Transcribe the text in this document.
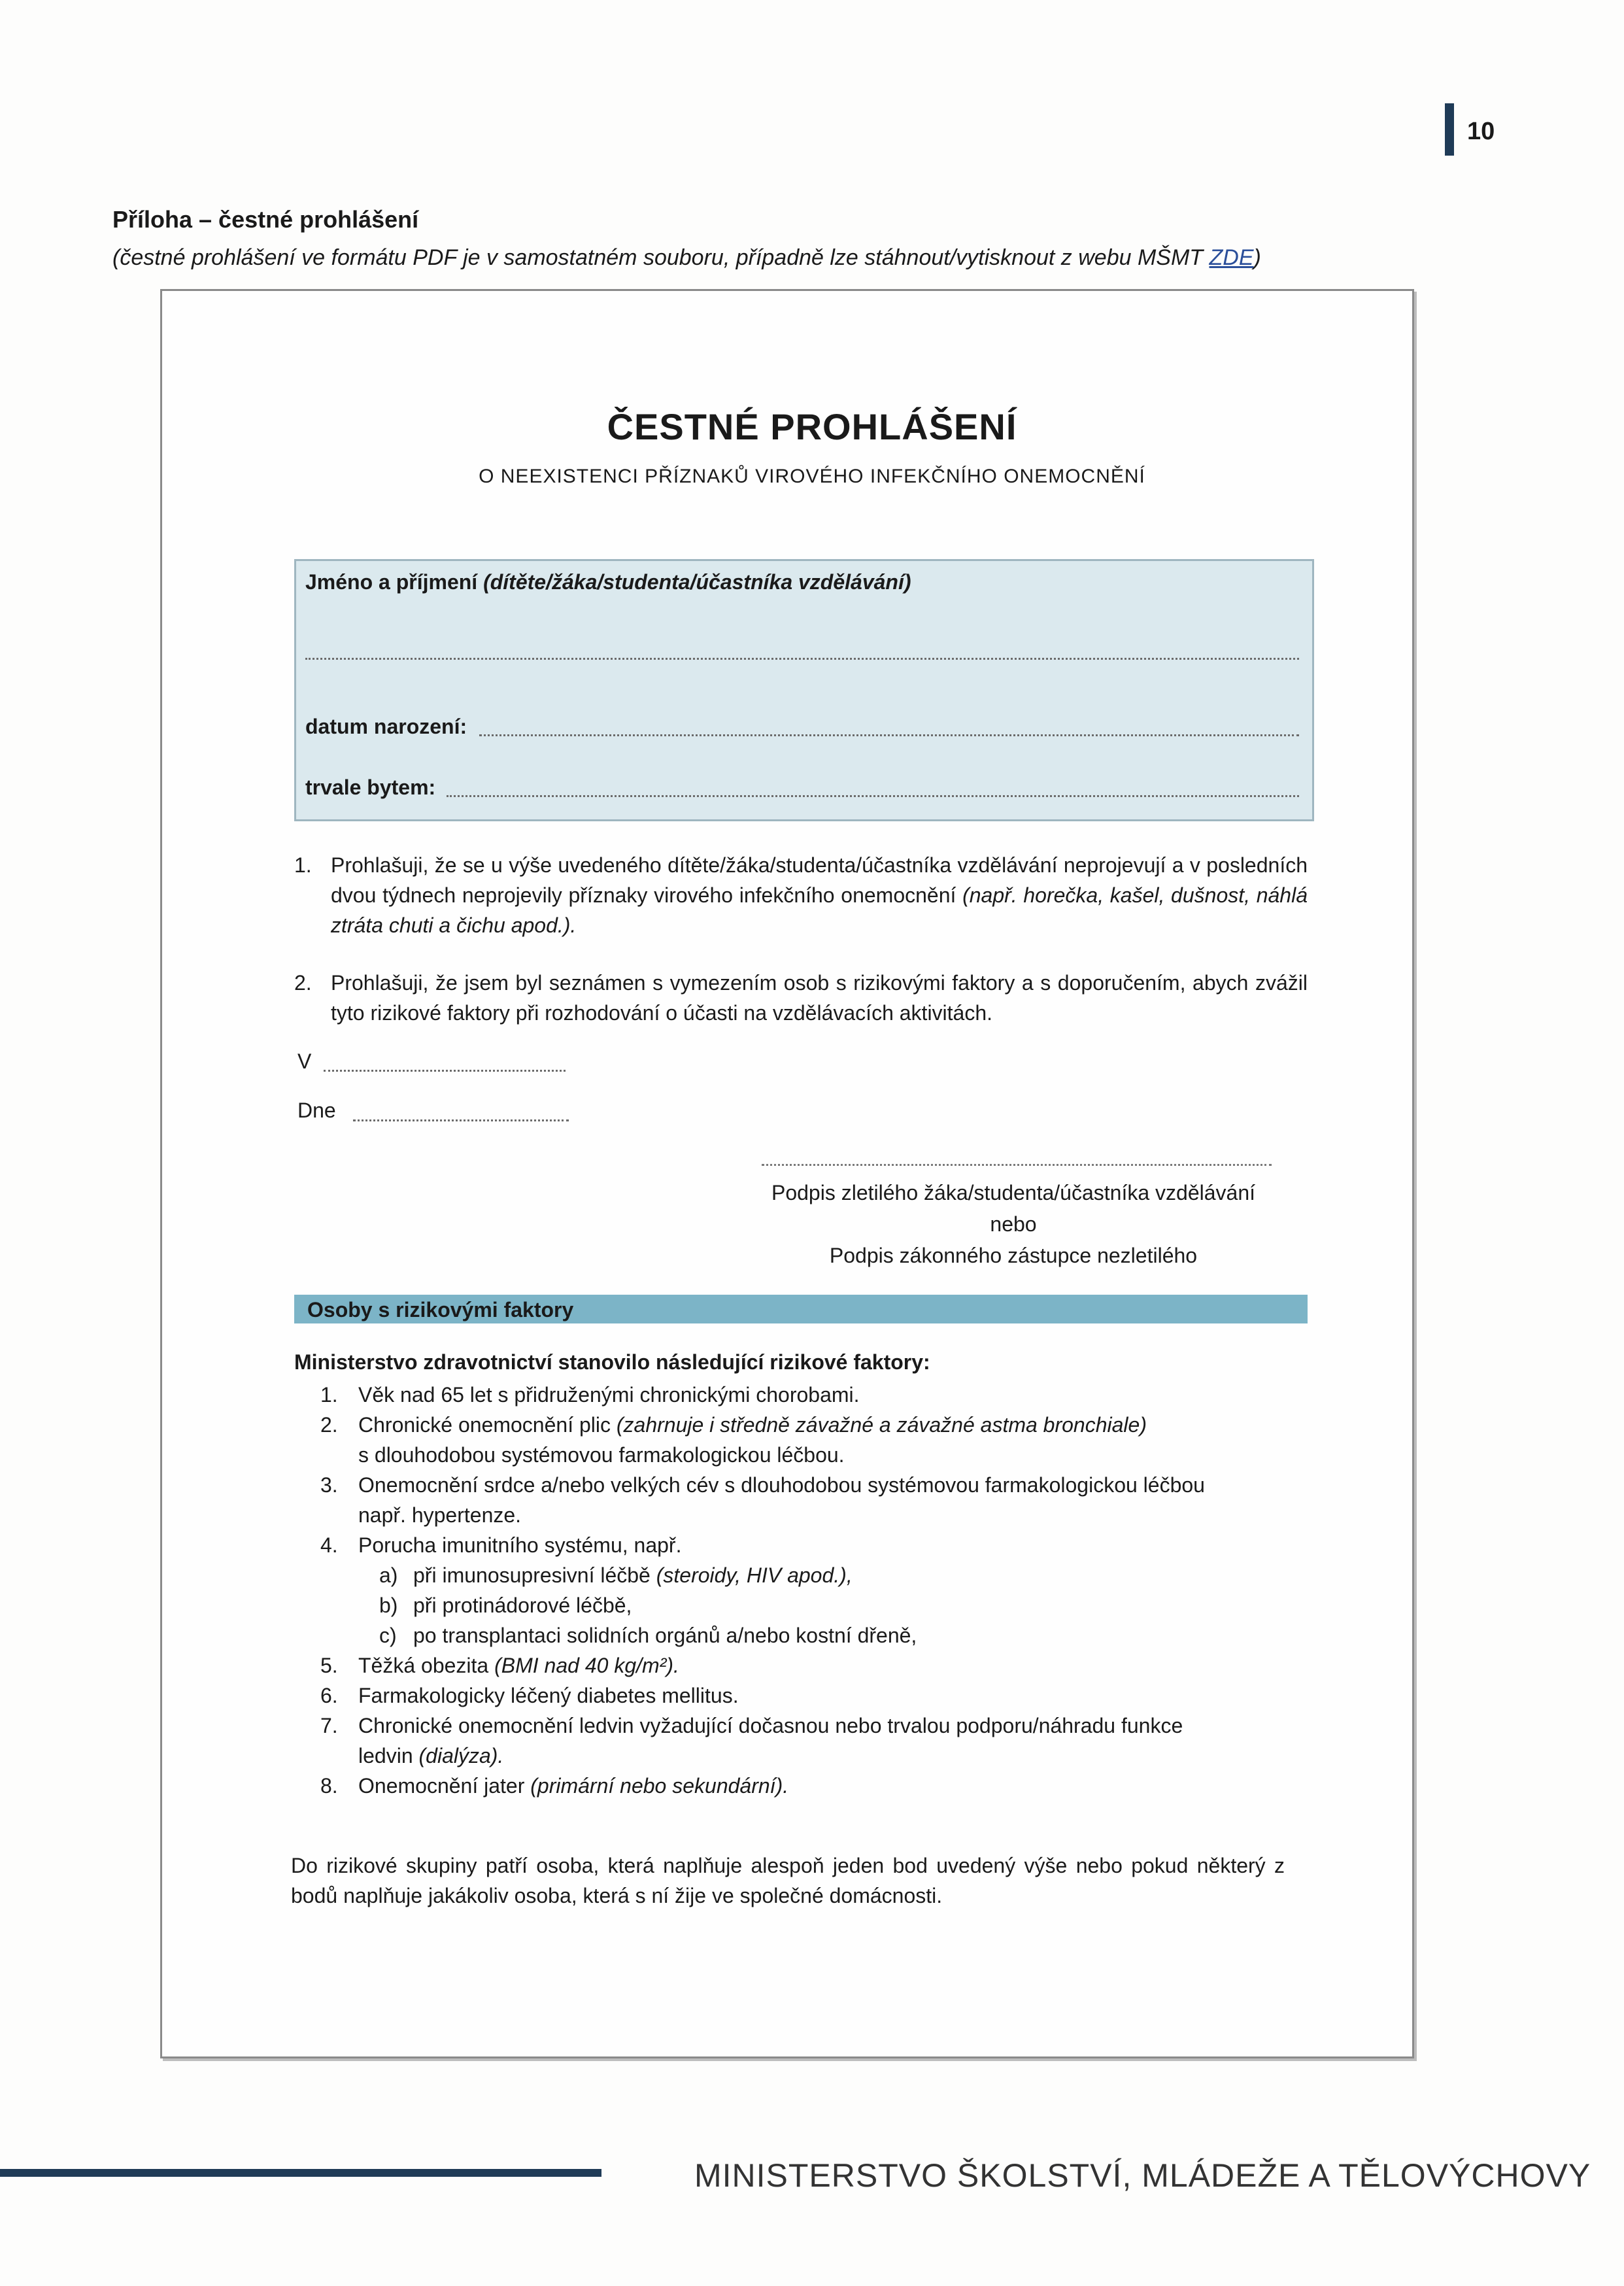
10
Příloha – čestné prohlášení
(čestné prohlášení ve formátu PDF je v samostatném souboru, případně lze stáhnout/vytisknout z webu MŠMT ZDE)
ČESTNÉ PROHLÁŠENÍ
O NEEXISTENCI PŘÍZNAKŮ VIROVÉHO INFEKČNÍHO ONEMOCNĚNÍ
Jméno a příjmení (dítěte/žáka/studenta/účastníka vzdělávání)
datum narození:
trvale bytem:
1. Prohlašuji, že se u výše uvedeného dítěte/žáka/studenta/účastníka vzdělávání neprojevují a v posledních dvou týdnech neprojevily příznaky virového infekčního onemocnění (např. horečka, kašel, dušnost, náhlá ztráta chuti a čichu apod.).
2. Prohlašuji, že jsem byl seznámen s vymezením osob s rizikovými faktory a s doporučením, abych zvážil tyto rizikové faktory při rozhodování o účasti na vzdělávacích aktivitách.
V
Dne
Podpis zletilého žáka/studenta/účastníka vzdělávání
nebo
Podpis zákonného zástupce nezletilého
Osoby s rizikovými faktory
Ministerstvo zdravotnictví stanovilo následující rizikové faktory:
1. Věk nad 65 let s přidruženými chronickými chorobami.
2. Chronické onemocnění plic (zahrnuje i středně závažné a závažné astma bronchiale)
s dlouhodobou systémovou farmakologickou léčbou.
3. Onemocnění srdce a/nebo velkých cév s dlouhodobou systémovou farmakologickou léčbou
např. hypertenze.
4. Porucha imunitního systému, např.
a) při imunosupresivní léčbě (steroidy, HIV apod.),
b) při protinádorové léčbě,
c) po transplantaci solidních orgánů a/nebo kostní dřeně,
5. Těžká obezita (BMI nad 40 kg/m²).
6. Farmakologicky léčený diabetes mellitus.
7. Chronické onemocnění ledvin vyžadující dočasnou nebo trvalou podporu/náhradu funkce
ledvin (dialýza).
8. Onemocnění jater (primární nebo sekundární).
Do rizikové skupiny patří osoba, která naplňuje alespoň jeden bod uvedený výše nebo pokud některý z bodů naplňuje jakákoliv osoba, která s ní žije ve společné domácnosti.
MINISTERSTVO ŠKOLSTVÍ, MLÁDEŽE A TĚLOVÝCHOVY
